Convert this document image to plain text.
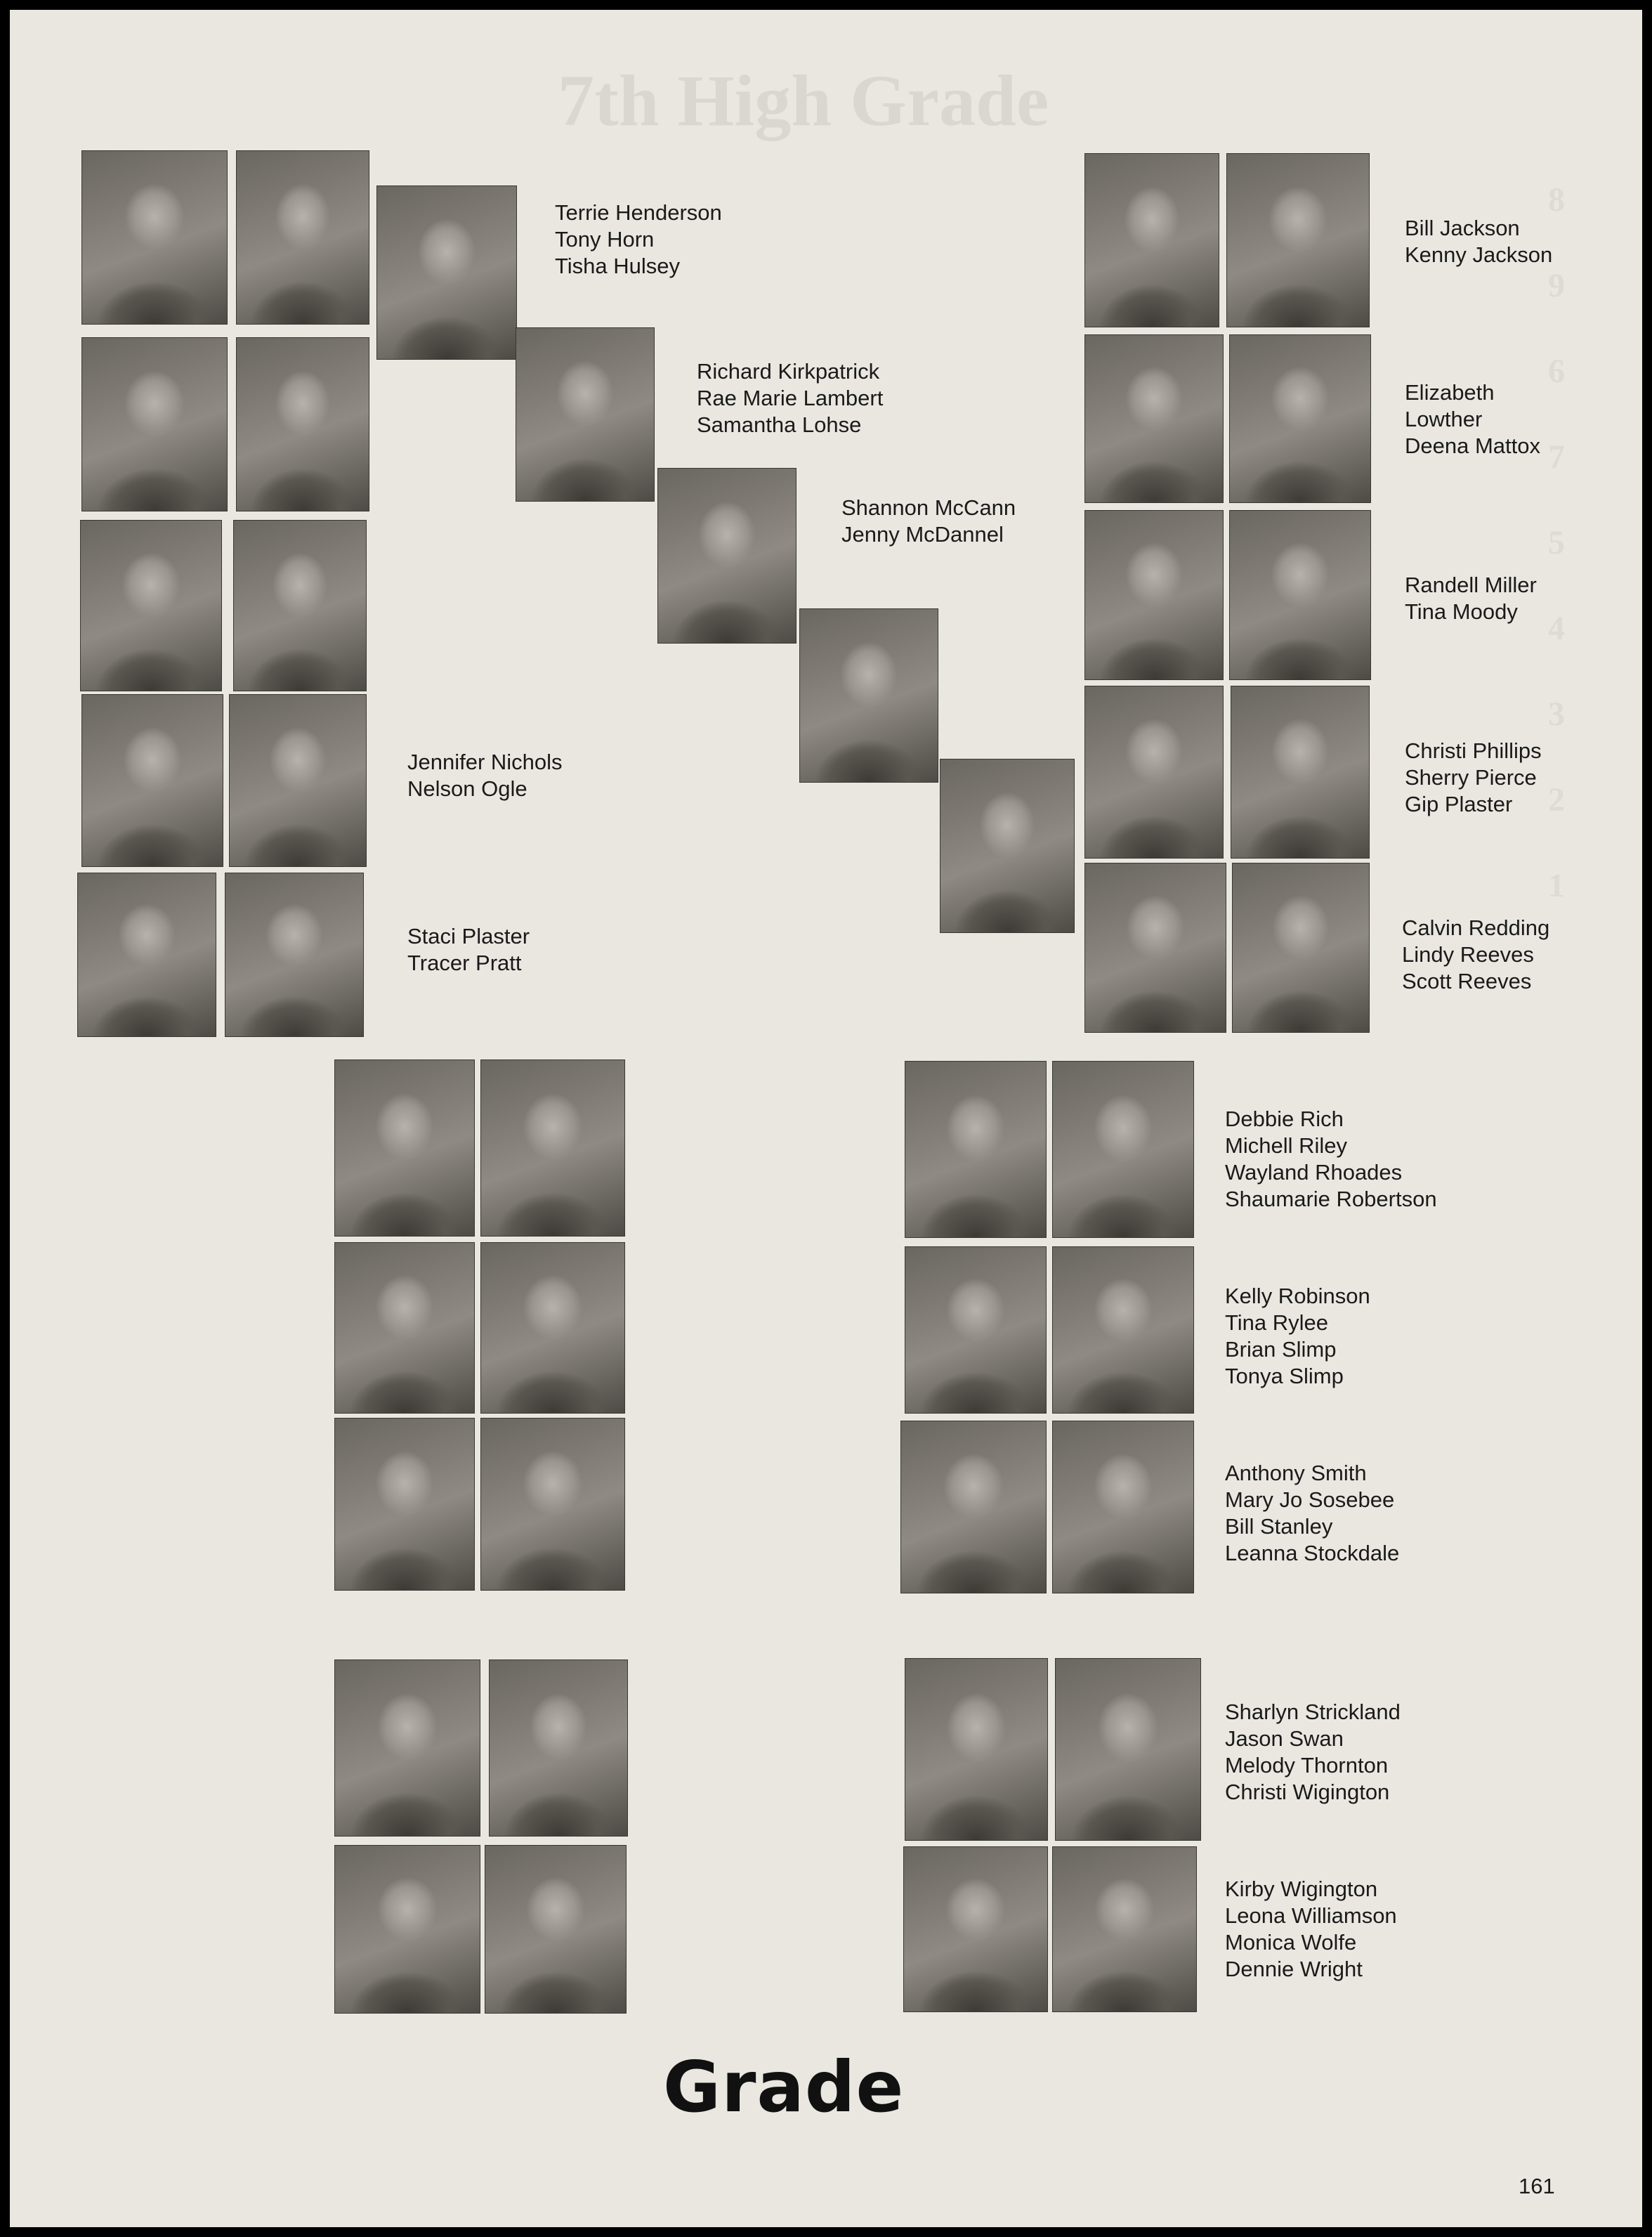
7th High Grade
8
9
6
7
5
4
3
2
1
Terrie Henderson
Tony Horn
Tisha Hulsey
Richard Kirkpatrick
Rae Marie Lambert
Samantha Lohse
Shannon McCann
Jenny McDannel
Jennifer Nichols
Nelson Ogle
Staci Plaster
Tracer Pratt
Bill Jackson
Kenny Jackson
Elizabeth
Lowther
Deena Mattox
Randell Miller
Tina Moody
Christi Phillips
Sherry Pierce
Gip Plaster
Calvin Redding
Lindy Reeves
Scott Reeves
Debbie Rich
Michell Riley
Wayland Rhoades
Shaumarie Robertson
Kelly Robinson
Tina Rylee
Brian Slimp
Tonya Slimp
Anthony Smith
Mary Jo Sosebee
Bill Stanley
Leanna Stockdale
Sharlyn Strickland
Jason Swan
Melody Thornton
Christi Wigington
Kirby Wigington
Leona Williamson
Monica Wolfe
Dennie Wright
Grade
161
